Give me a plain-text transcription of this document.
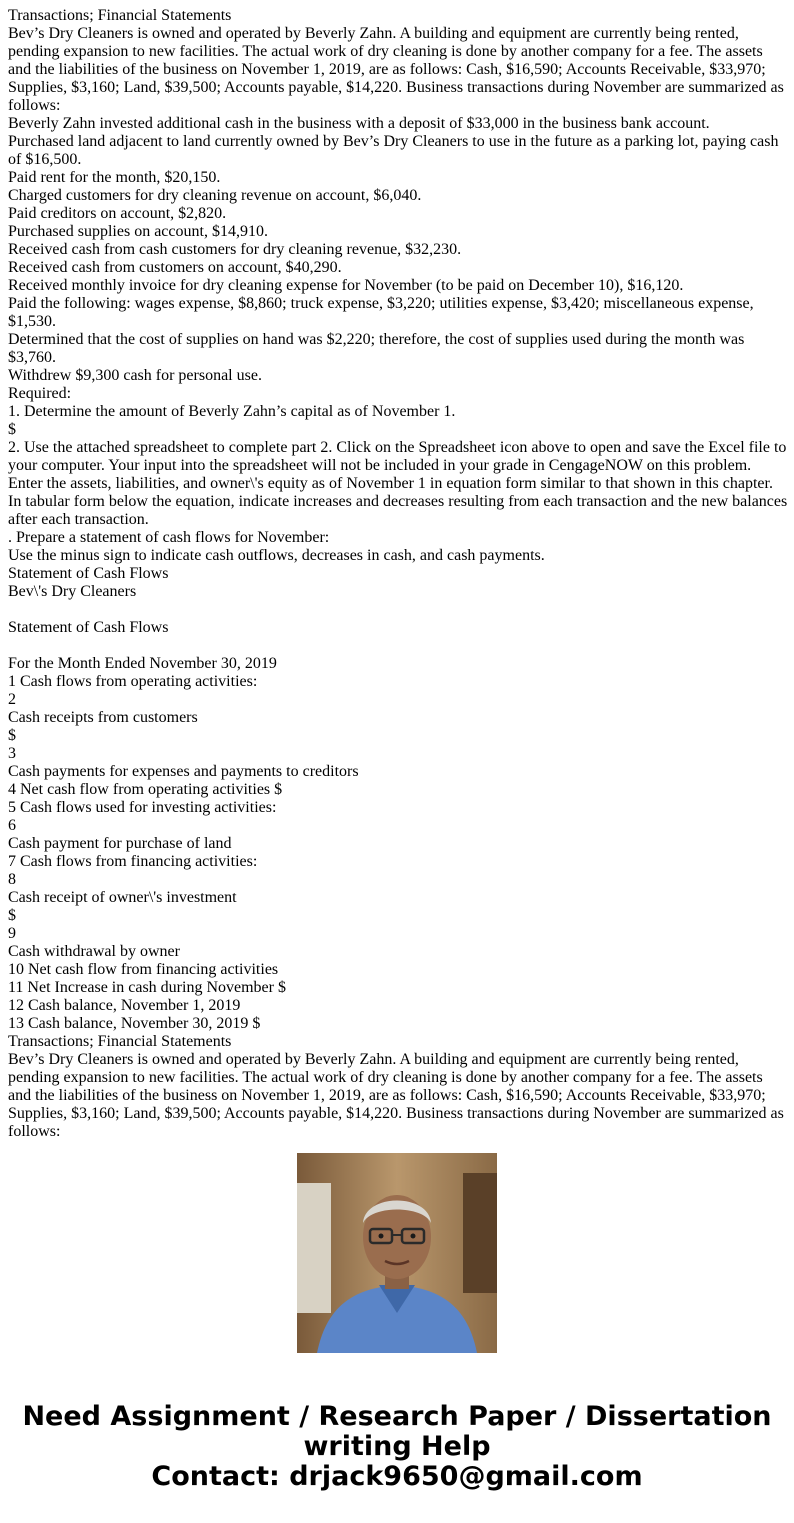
Transactions; Financial Statements
Bev’s Dry Cleaners is owned and operated by Beverly Zahn. A building and equipment are currently being rented, pending expansion to new facilities. The actual work of dry cleaning is done by another company for a fee. The assets and the liabilities of the business on November 1, 2019, are as follows: Cash, $16,590; Accounts Receivable, $33,970; Supplies, $3,160; Land, $39,500; Accounts payable, $14,220. Business transactions during November are summarized as follows:
Beverly Zahn invested additional cash in the business with a deposit of $33,000 in the business bank account.
Purchased land adjacent to land currently owned by Bev’s Dry Cleaners to use in the future as a parking lot, paying cash of $16,500.
Paid rent for the month, $20,150.
Charged customers for dry cleaning revenue on account, $6,040.
Paid creditors on account, $2,820.
Purchased supplies on account, $14,910.
Received cash from cash customers for dry cleaning revenue, $32,230.
Received cash from customers on account, $40,290.
Received monthly invoice for dry cleaning expense for November (to be paid on December 10), $16,120.
Paid the following: wages expense, $8,860; truck expense, $3,220; utilities expense, $3,420; miscellaneous expense, $1,530.
Determined that the cost of supplies on hand was $2,220; therefore, the cost of supplies used during the month was $3,760.
Withdrew $9,300 cash for personal use.
Required:
1. Determine the amount of Beverly Zahn’s capital as of November 1.
$
2. Use the attached spreadsheet to complete part 2. Click on the Spreadsheet icon above to open and save the Excel file to your computer. Your input into the spreadsheet will not be included in your grade in CengageNOW on this problem. Enter the assets, liabilities, and owner\'s equity as of November 1 in equation form similar to that shown in this chapter. In tabular form below the equation, indicate increases and decreases resulting from each transaction and the new balances after each transaction.
. Prepare a statement of cash flows for November:
Use the minus sign to indicate cash outflows, decreases in cash, and cash payments.
Statement of Cash Flows
Bev\'s Dry Cleaners
Statement of Cash Flows
For the Month Ended November 30, 2019
1 Cash flows from operating activities:
2
Cash receipts from customers
$
3
Cash payments for expenses and payments to creditors
4 Net cash flow from operating activities $
5 Cash flows used for investing activities:
6
Cash payment for purchase of land
7 Cash flows from financing activities:
8
Cash receipt of owner\'s investment
$
9
Cash withdrawal by owner
10 Net cash flow from financing activities
11 Net Increase in cash during November $
12 Cash balance, November 1, 2019
13 Cash balance, November 30, 2019 $
Transactions; Financial Statements
Bev’s Dry Cleaners is owned and operated by Beverly Zahn. A building and equipment are currently being rented, pending expansion to new facilities. The actual work of dry cleaning is done by another company for a fee. The assets and the liabilities of the business on November 1, 2019, are as follows: Cash, $16,590; Accounts Receivable, $33,970; Supplies, $3,160; Land, $39,500; Accounts payable, $14,220. Business transactions during November are summarized as follows:
Need Assignment / Research Paper / Dissertation
writing Help
Contact: drjack9650@gmail.com
